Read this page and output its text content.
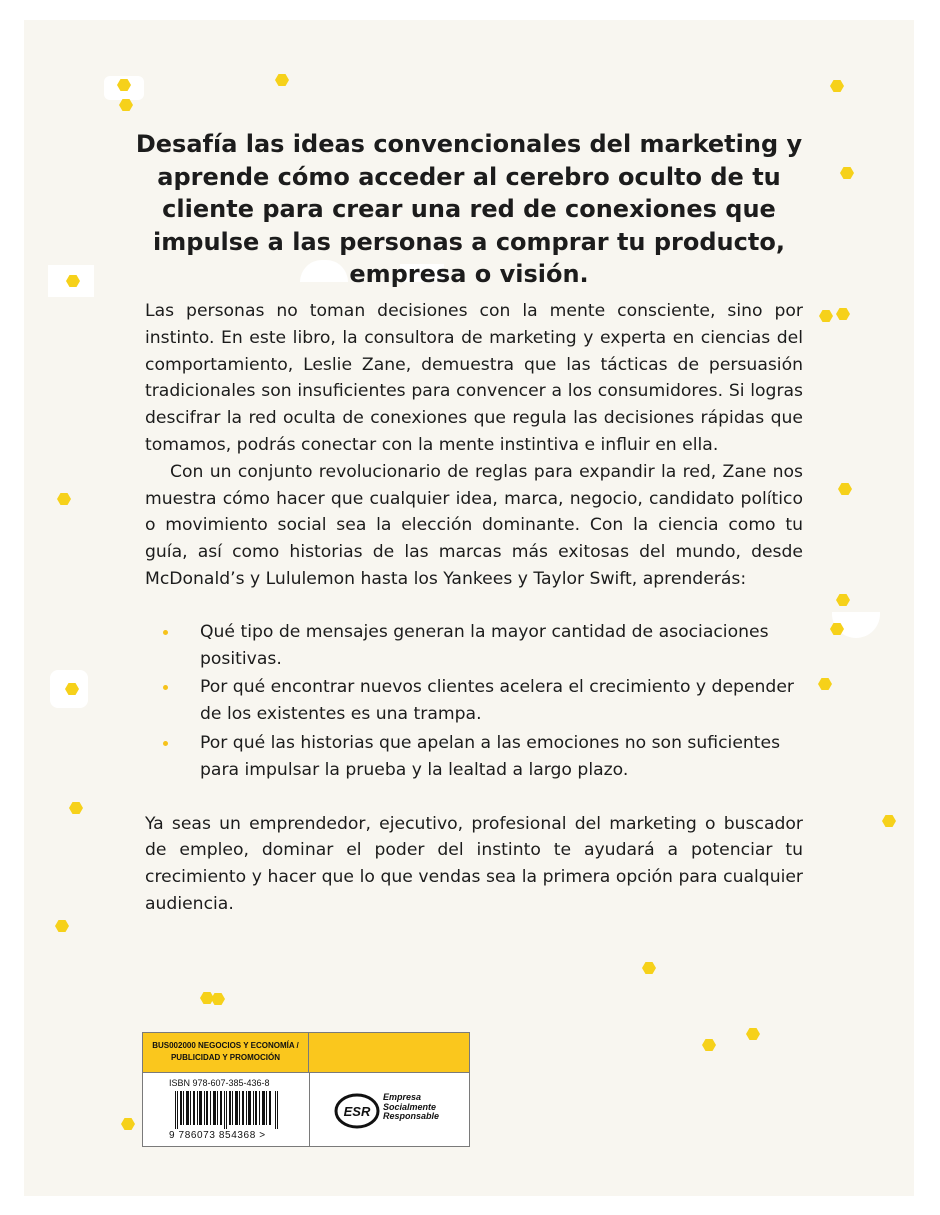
Desafía las ideas convencionales del marketing y aprende cómo acceder al cerebro oculto de tu cliente para crear una red de conexiones que impulse a las personas a comprar tu producto, empresa o visión.

Las personas no toman decisiones con la mente consciente, sino por instinto. En este libro, la consultora de marketing y experta en ciencias del comportamiento, Leslie Zane, demuestra que las tácticas de persuasión tradicionales son insuficientes para convencer a los consumidores. Si logras descifrar la red oculta de conexiones que regula las decisiones rápidas que tomamos, podrás conectar con la mente instintiva e influir en ella.

Con un conjunto revolucionario de reglas para expandir la red, Zane nos muestra cómo hacer que cualquier idea, marca, negocio, candidato político o movimiento social sea la elección dominante. Con la ciencia como tu guía, así como historias de las marcas más exitosas del mundo, desde McDonald’s y Lululemon hasta los Yankees y Taylor Swift, aprenderás:

Qué tipo de mensajes generan la mayor cantidad de asociaciones positivas.
Por qué encontrar nuevos clientes acelera el crecimiento y depender de los existentes es una trampa.
Por qué las historias que apelan a las emociones no son suficientes para impulsar la prueba y la lealtad a largo plazo.

Ya seas un emprendedor, ejecutivo, profesional del marketing o buscador de empleo, dominar el poder del instinto te ayudará a potenciar tu crecimiento y hacer que lo que vendas sea la primera opción para cualquier audiencia.

BUS002000 NEGOCIOS Y ECONOMÍA /
PUBLICIDAD Y PROMOCIÓN
ISBN 978-607-385-436-8
9 786073 854368 >
ESR
Empresa
Socialmente
Responsable
